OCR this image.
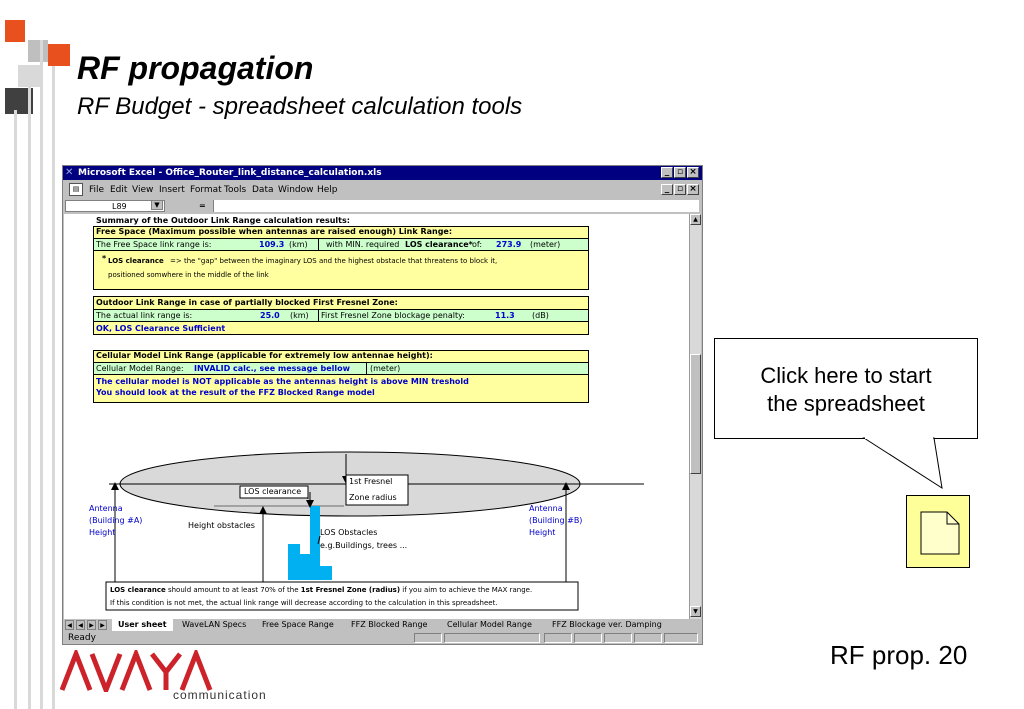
RF propagation
RF Budget - spreadsheet calculation tools
✕ Microsoft Excel - Office_Router_link_distance_calculation.xls	_ ▫ ×
▤	File Edit View Insert Format Tools Data Window Help	_ ▫ ×
L89	▼	=
Summary of the Outdoor Link Range calculation results:
Free Space (Maximum possible when antennas are raised enough) Link Range:
The Free Space link range is:	109.3 (km) with MIN. required LOS clearance* of: 273.9 (meter)
* LOS clearance => the "gap" between the imaginary LOS and the highest obstacle that threatens to block it,
positioned somwhere in the middle of the link
Outdoor Link Range in case of partially blocked First Fresnel Zone:
The actual link range is:	25.0 (km) First Fresnel Zone blockage penalty:	11.3 (dB)
OK, LOS Clearance Sufficient
Cellular Model Link Range (applicable for extremely low antennae height):
Cellular Model Range: INVALID calc., see message bellow (meter)
The cellular model is NOT applicable as the antennas height is above MIN treshold
You should look at the result of the FFZ Blocked Range model
LOS clearance
1st Fresnel
Zone radius
Antenna
(Building #A)
Height
Antenna
(Building #B)
Height
Height obstacles
LOS Obstacles
e.g.Buildings, trees ...
LOS clearance should amount to at least 70% of the 1st Fresnel Zone (radius) if you aim to achieve the MAX range.
If this condition is not met, the actual link range will decrease according to the calculation in this spreadsheet.
▲
▼
◀	◀	▶	▶	User sheet	WaveLAN Specs	Free Space Range	FFZ Blocked Range	Cellular Model Range	FFZ Blockage ver. Damping
Ready
Click here to start
the spreadsheet
RF prop. 20
communication
